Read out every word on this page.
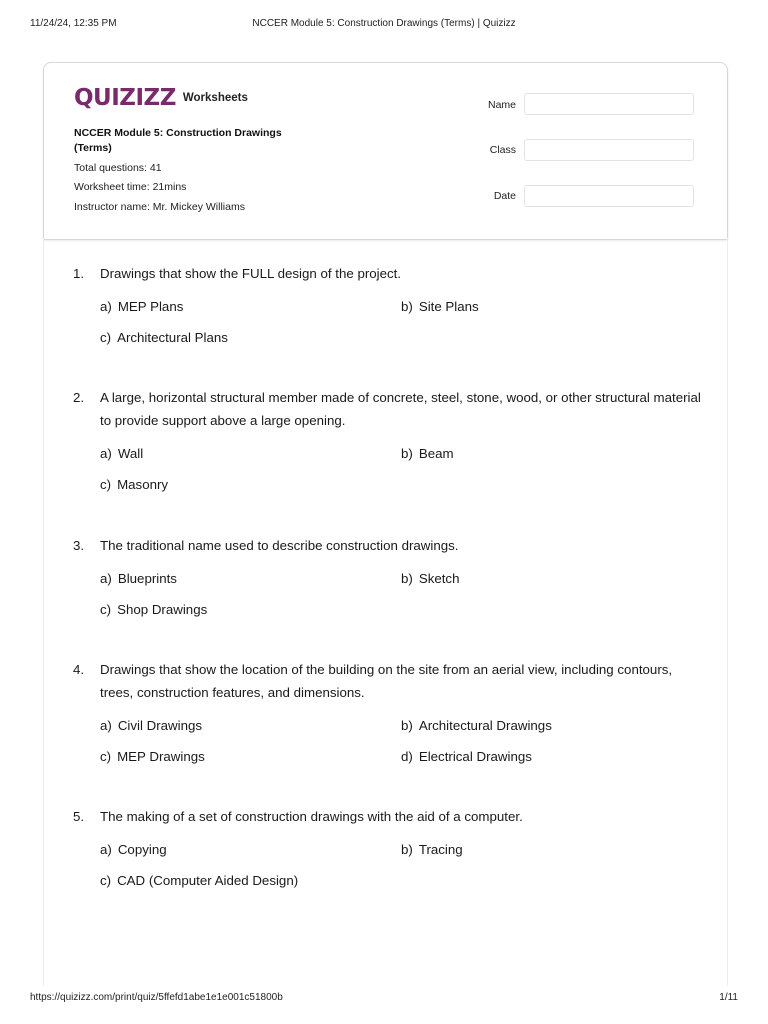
11/24/24, 12:35 PM	NCCER Module 5: Construction Drawings (Terms) | Quizizz
QUIZIZZ Worksheets
NCCER Module 5: Construction Drawings (Terms)
Total questions: 41
Worksheet time: 21mins
Instructor name: Mr. Mickey Williams
Name
Class
Date
1.	Drawings that show the FULL design of the project.
a) MEP Plans	b) Site Plans
c) Architectural Plans
2.	A large, horizontal structural member made of concrete, steel, stone, wood, or other structural material to provide support above a large opening.
a) Wall	b) Beam
c) Masonry
3.	The traditional name used to describe construction drawings.
a) Blueprints	b) Sketch
c) Shop Drawings
4.	Drawings that show the location of the building on the site from an aerial view, including contours, trees, construction features, and dimensions.
a) Civil Drawings	b) Architectural Drawings
c) MEP Drawings	d) Electrical Drawings
5.	The making of a set of construction drawings with the aid of a computer.
a) Copying	b) Tracing
c) CAD (Computer Aided Design)
https://quizizz.com/print/quiz/5ffefd1abe1e1e001c51800b	1/11
